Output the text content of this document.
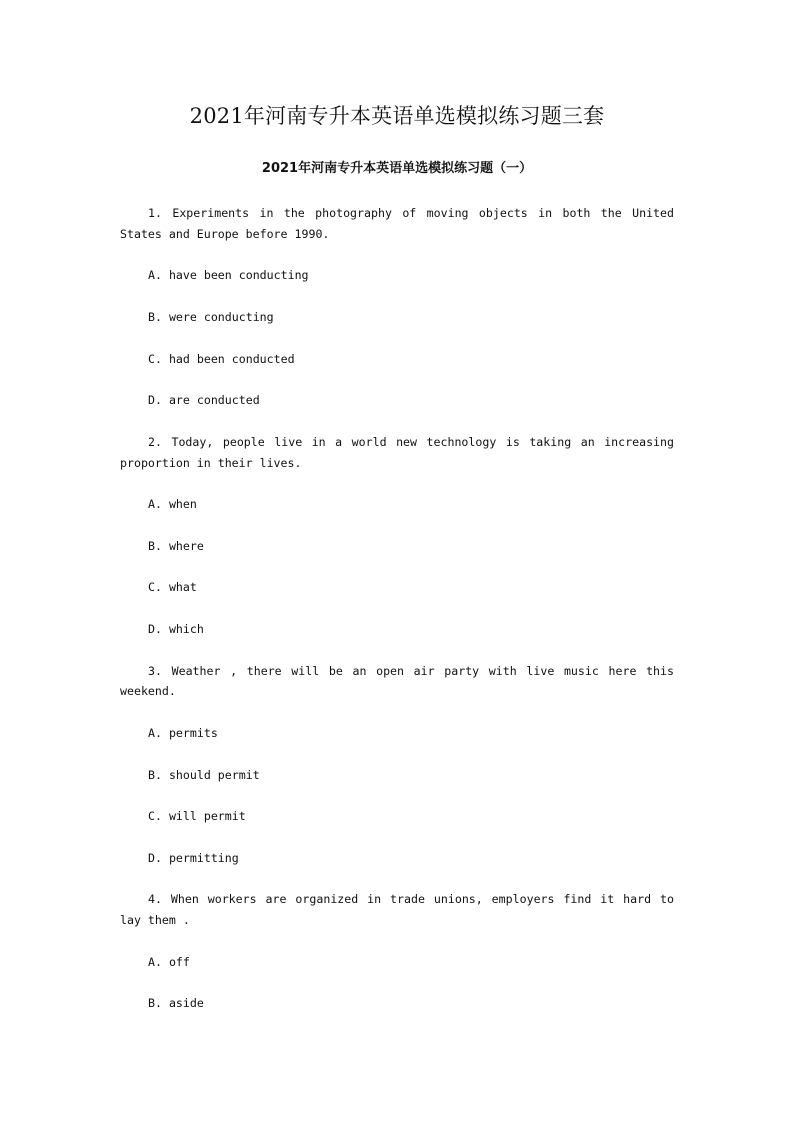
2021年河南专升本英语单选模拟练习题三套
2021年河南专升本英语单选模拟练习题（一）

1. Experiments in the photography of moving objects in both the United States and Europe before 1990.

A. have been conducting

B. were conducting

C. had been conducted

D. are conducted

2. Today, people live in a world new technology is taking an increasing proportion in their lives.

A. when

B. where

C. what

D. which

3. Weather , there will be an open air party with live music here this weekend.

A. permits

B. should permit

C. will permit

D. permitting

4. When workers are organized in trade unions, employers find it hard to lay them .

A. off

B. aside
